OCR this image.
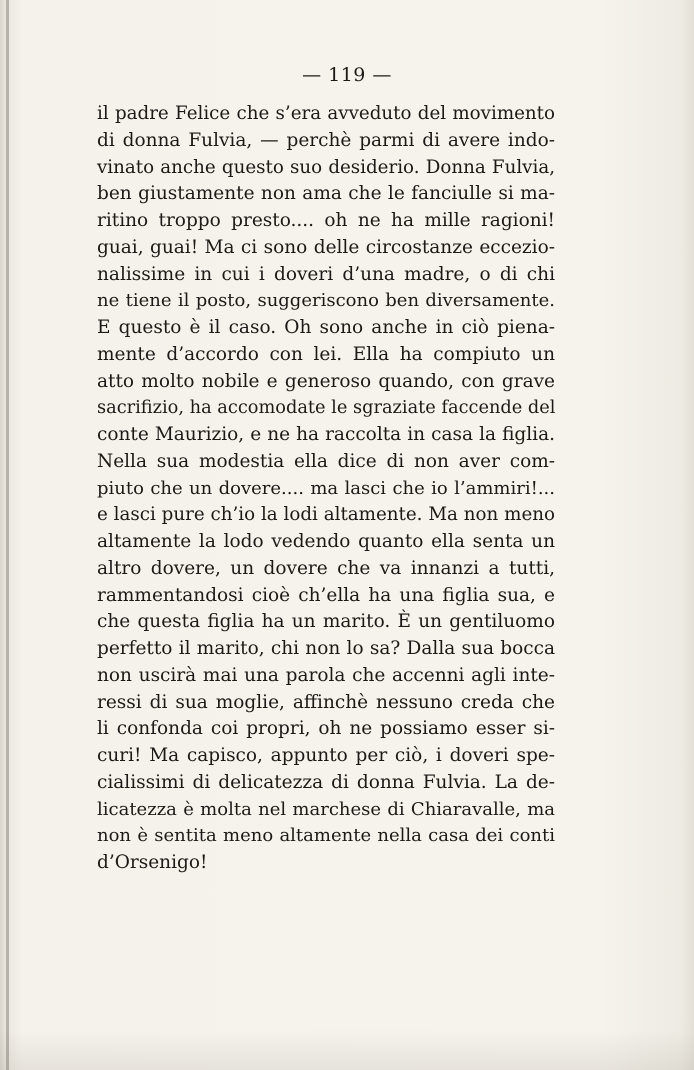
— 119 —
il padre Felice che s’era avveduto del movimento
di donna Fulvia, — perchè parmi di avere indo-
vinato anche questo suo desiderio. Donna Fulvia,
ben giustamente non ama che le fanciulle si ma-
ritino troppo presto.... oh ne ha mille ragioni!
guai, guai! Ma ci sono delle circostanze eccezio-
nalissime in cui i doveri d’una madre, o di chi
ne tiene il posto, suggeriscono ben diversamente.
E questo è il caso. Oh sono anche in ciò piena-
mente d’accordo con lei. Ella ha compiuto un
atto molto nobile e generoso quando, con grave
sacrifizio, ha accomodate le sgraziate faccende del
conte Maurizio, e ne ha raccolta in casa la figlia.
Nella sua modestia ella dice di non aver com-
piuto che un dovere.... ma lasci che io l’ammiri!...
e lasci pure ch’io la lodi altamente. Ma non meno
altamente la lodo vedendo quanto ella senta un
altro dovere, un dovere che va innanzi a tutti,
rammentandosi cioè ch’ella ha una figlia sua, e
che questa figlia ha un marito. È un gentiluomo
perfetto il marito, chi non lo sa? Dalla sua bocca
non uscirà mai una parola che accenni agli inte-
ressi di sua moglie, affinchè nessuno creda che
li confonda coi propri, oh ne possiamo esser si-
curi! Ma capisco, appunto per ciò, i doveri spe-
cialissimi di delicatezza di donna Fulvia. La de-
licatezza è molta nel marchese di Chiaravalle, ma
non è sentita meno altamente nella casa dei conti
d’Orsenigo!
